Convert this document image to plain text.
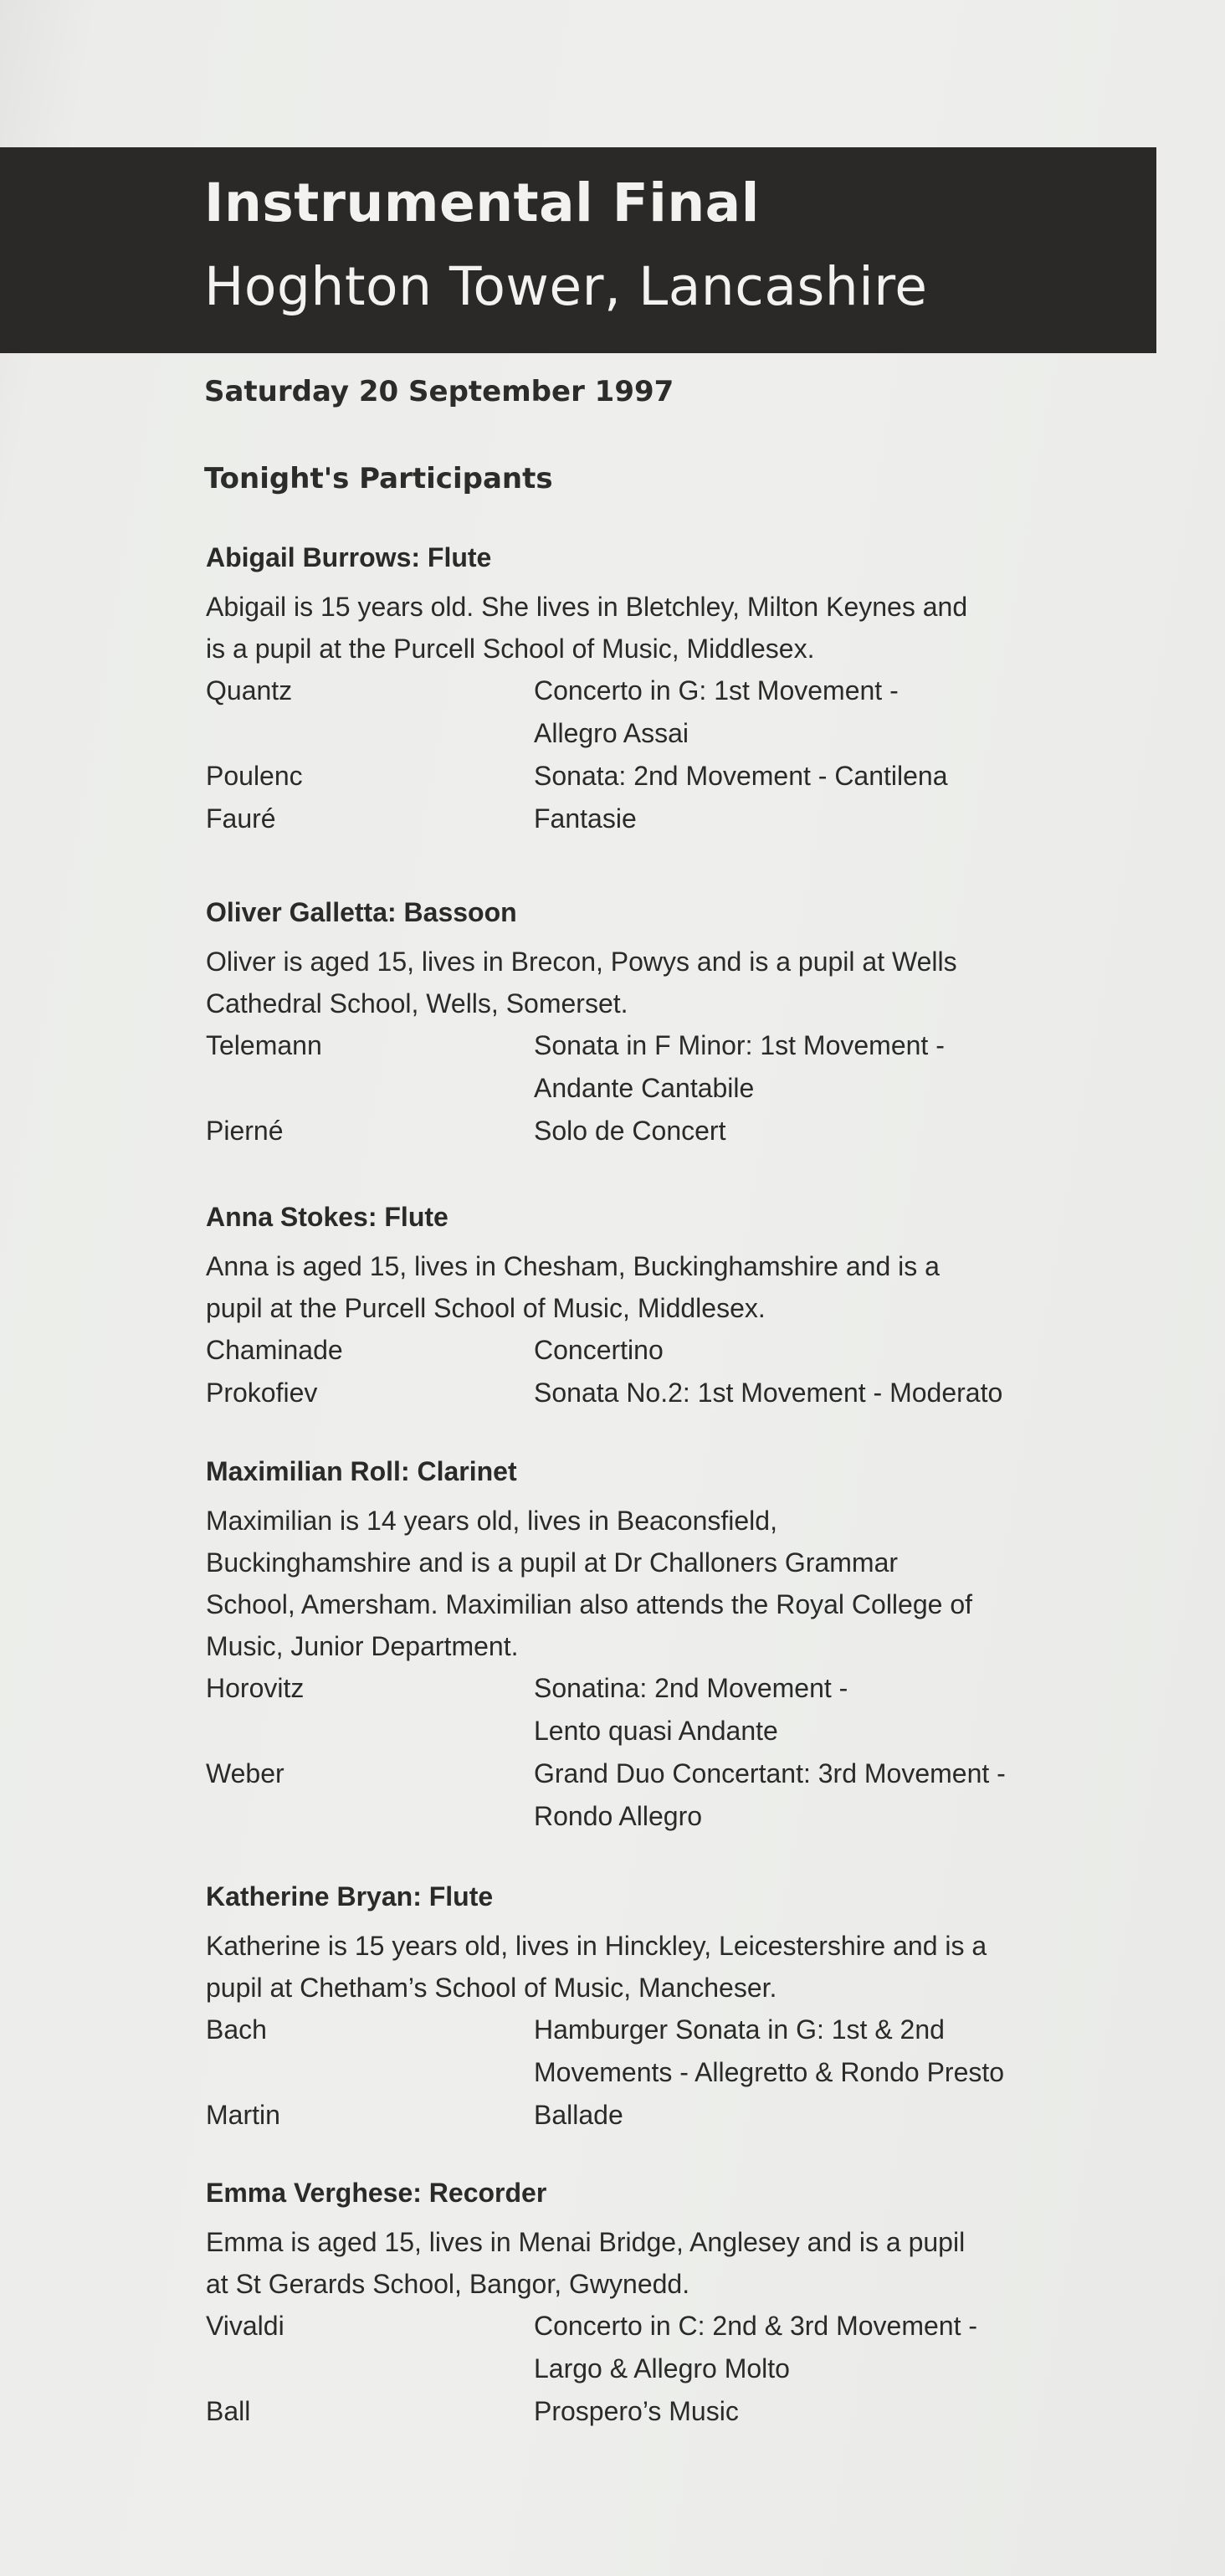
Instrumental Final
Hoghton Tower, Lancashire
Saturday 20 September 1997
Tonight's Participants
Abigail Burrows: Flute
Abigail is 15 years old. She lives in Bletchley, Milton Keynes and
is a pupil at the Purcell School of Music, Middlesex.
Quantz	Concerto in G: 1st Movement -
Allegro Assai
Poulenc	Sonata: 2nd Movement - Cantilena
Fauré	Fantasie
Oliver Galletta: Bassoon
Oliver is aged 15, lives in Brecon, Powys and is a pupil at Wells
Cathedral School, Wells, Somerset.
Telemann	Sonata in F Minor: 1st Movement -
Andante Cantabile
Pierné	Solo de Concert
Anna Stokes: Flute
Anna is aged 15, lives in Chesham, Buckinghamshire and is a
pupil at the Purcell School of Music, Middlesex.
Chaminade	Concertino
Prokofiev	Sonata No.2: 1st Movement - Moderato
Maximilian Roll: Clarinet
Maximilian is 14 years old, lives in Beaconsfield,
Buckinghamshire and is a pupil at Dr Challoners Grammar
School, Amersham. Maximilian also attends the Royal College of
Music, Junior Department.
Horovitz	Sonatina: 2nd Movement -
Lento quasi Andante
Weber	Grand Duo Concertant: 3rd Movement -
Rondo Allegro
Katherine Bryan: Flute
Katherine is 15 years old, lives in Hinckley, Leicestershire and is a
pupil at Chetham’s School of Music, Mancheser.
Bach	Hamburger Sonata in G: 1st & 2nd
Movements - Allegretto & Rondo Presto
Martin	Ballade
Emma Verghese: Recorder
Emma is aged 15, lives in Menai Bridge, Anglesey and is a pupil
at St Gerards School, Bangor, Gwynedd.
Vivaldi	Concerto in C: 2nd & 3rd Movement -
Largo & Allegro Molto
Ball	Prospero’s Music
